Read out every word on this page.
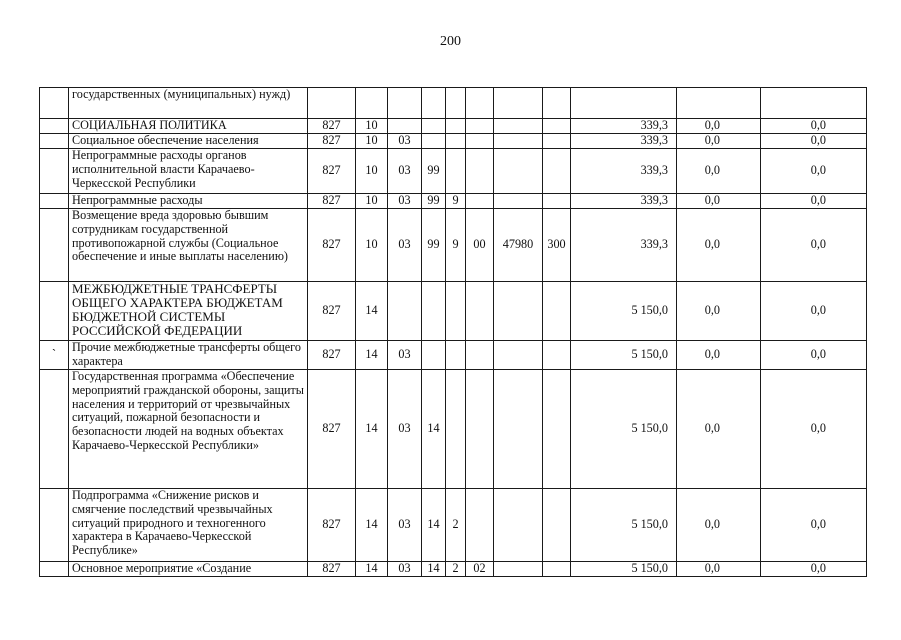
200
	государственных (муниципальных) нужд)											
	СОЦИАЛЬНАЯ ПОЛИТИКА	827	10							339,3	0,0	0,0
	Социальное обеспечение населения	827	10	03						339,3	0,0	0,0
	Непрограммные расходы органов исполнительной власти Карачаево-Черкесской Республики	827	10	03	99					339,3	0,0	0,0
	Непрограммные расходы	827	10	03	99	9				339,3	0,0	0,0
	Возмещение вреда здоровью бывшим сотрудникам государственной противопожарной службы (Социальное обеспечение и иные выплаты населению)	827	10	03	99	9	00	47980	300	339,3	0,0	0,0
	МЕЖБЮДЖЕТНЫЕ ТРАНСФЕРТЫ ОБЩЕГО ХАРАКТЕРА БЮДЖЕТАМ БЮДЖЕТНОЙ СИСТЕМЫ РОССИЙСКОЙ ФЕДЕРАЦИИ	827	14							5 150,0	0,0	0,0
`	Прочие межбюджетные трансферты общего характера	827	14	03						5 150,0	0,0	0,0
	Государственная программа «Обеспечение мероприятий гражданской обороны, защиты населения и территорий от чрезвычайных ситуаций, пожарной безопасности и безопасности людей на водных объектах Карачаево-Черкесской Республики»	827	14	03	14					5 150,0	0,0	0,0
	Подпрограмма «Снижение рисков и смягчение последствий чрезвычайных ситуаций природного и техногенного характера в Карачаево-Черкесской Республике»	827	14	03	14	2				5 150,0	0,0	0,0
	Основное мероприятие «Создание	827	14	03	14	2	02			5 150,0	0,0	0,0
